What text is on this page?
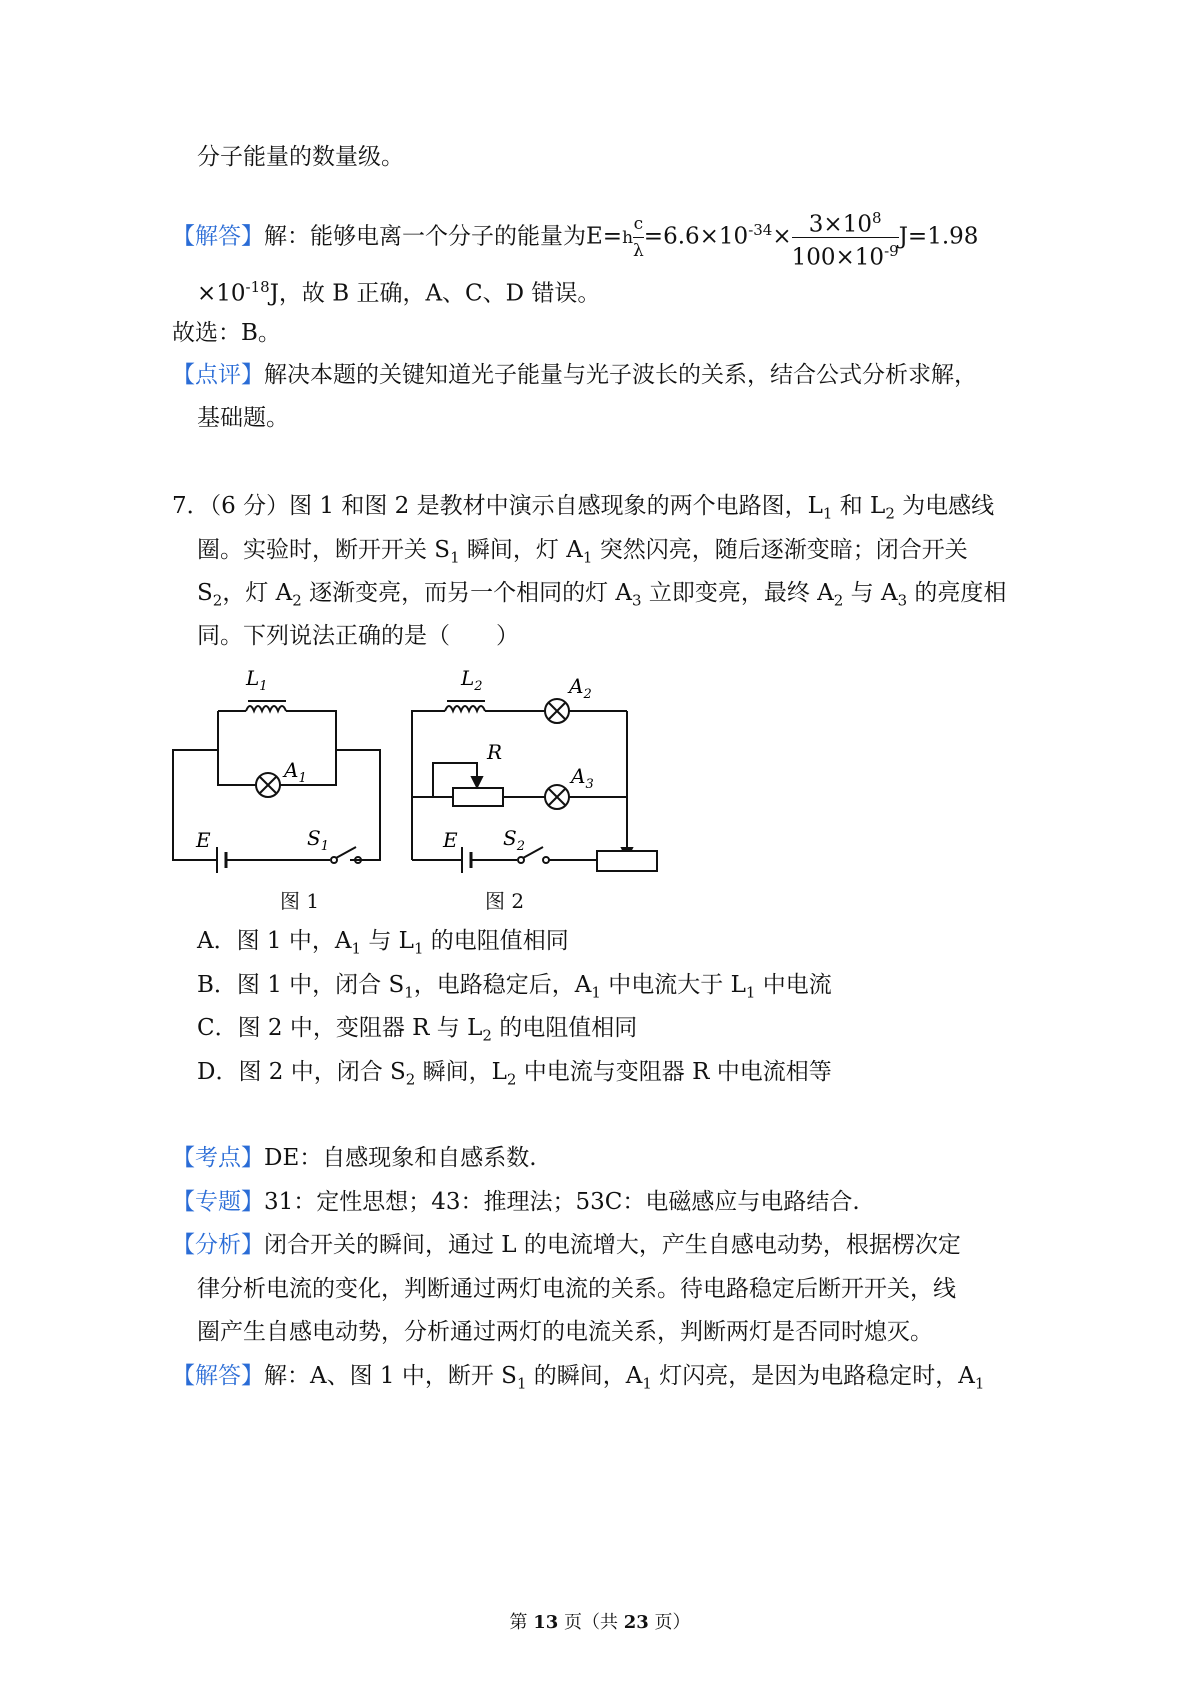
分子能量的数量级。
【解答】解：能够电离一个分子的能量为$E=h \frac{c}{\lambda} =6.6\times 10^{-34}\times \frac{3\times 10^8}{100\times 10^{-9}} J=1.98$
$\times 10^{-18}J$，故 B 正确，A、C、D 错误。
故选：B。
【点评】解决本题的关键知道光子能量与光子波长的关系，结合公式分析求解，
基础题。
7．（6 分）图 1 和图 2 是教材中演示自感现象的两个电路图，$L_1$ 和 $L_2$ 为电感线
圈。实验时，断开开关 $S_1$ 瞬间，灯 $A_1$ 突然闪亮，随后逐渐变暗；闭合开关
$S_2$，灯 $A_2$ 逐渐变亮，而另一个相同的灯 $A_3$ 立即变亮，最终 $A_2$ 与 $A_3$ 的亮度相
同。下列说法正确的是（　　）
$L_1$
$A_1$
E	$S_1$
图 1
$L_2$	$A_2$
R
$A_3$
E $S_2$
图 2
A．图 1 中，$A_1$ 与 $L_1$ 的电阻值相同
B．图 1 中，闭合 $S_1$，电路稳定后，$A_1$ 中电流大于 $L_1$ 中电流
C．图 2 中，变阻器 R 与 $L_2$ 的电阻值相同
D．图 2 中，闭合 $S_2$ 瞬间，$L_2$ 中电流与变阻器 R 中电流相等
【考点】DE：自感现象和自感系数.
【专题】31：定性思想；43：推理法；53C：电磁感应与电路结合.
【分析】闭合开关的瞬间，通过 L 的电流增大，产生自感电动势，根据楞次定
律分析电流的变化，判断通过两灯电流的关系。待电路稳定后断开开关，线
圈产生自感电动势，分析通过两灯的电流关系，判断两灯是否同时熄灭。
【解答】解：A、图 1 中，断开 $S_1$ 的瞬间，$A_1$ 灯闪亮，是因为电路稳定时，$A_1$
第 13 页（共 23 页）
